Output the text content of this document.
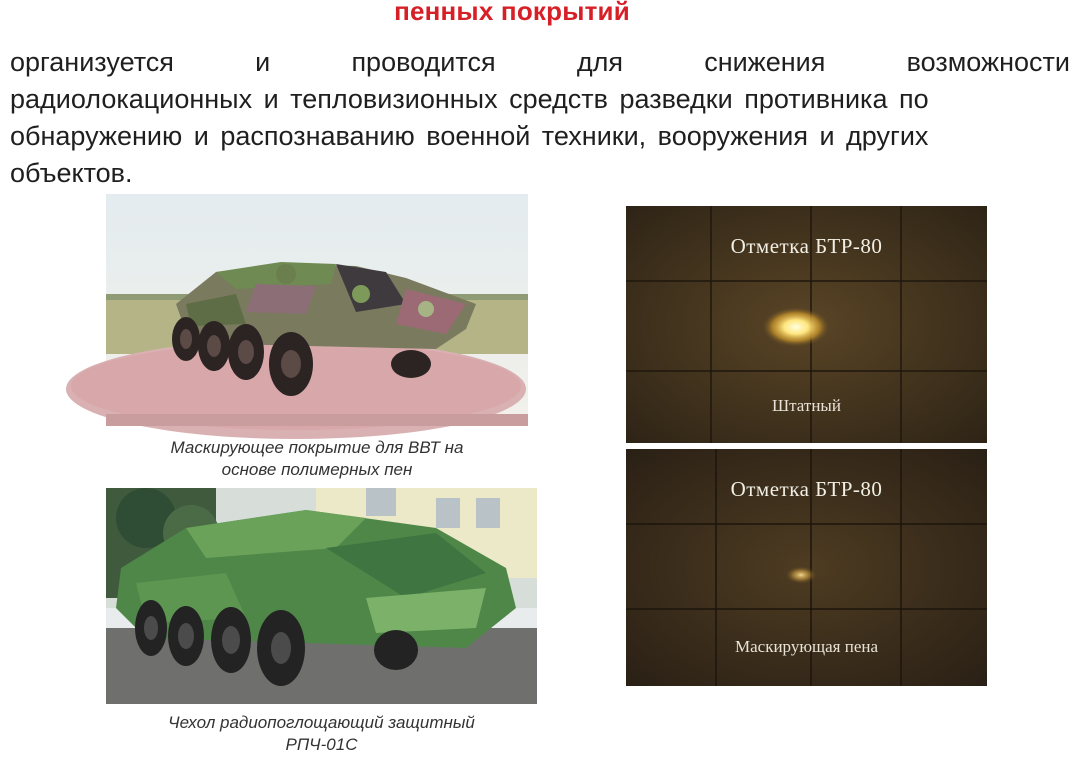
пенных покрытий
организуется	и	проводится	для	снижения	возможности
радиолокационных и тепловизионных средств разведки противника по
обнаружению и распознаванию военной техники, вооружения и других
объектов.
Маскирующее покрытие для ВВТ на
основе полимерных пен
Чехол радиопоглощающий защитный
РПЧ-01С
Отметка БТР-80
Штатный
Отметка БТР-80
Маскирующая пена
